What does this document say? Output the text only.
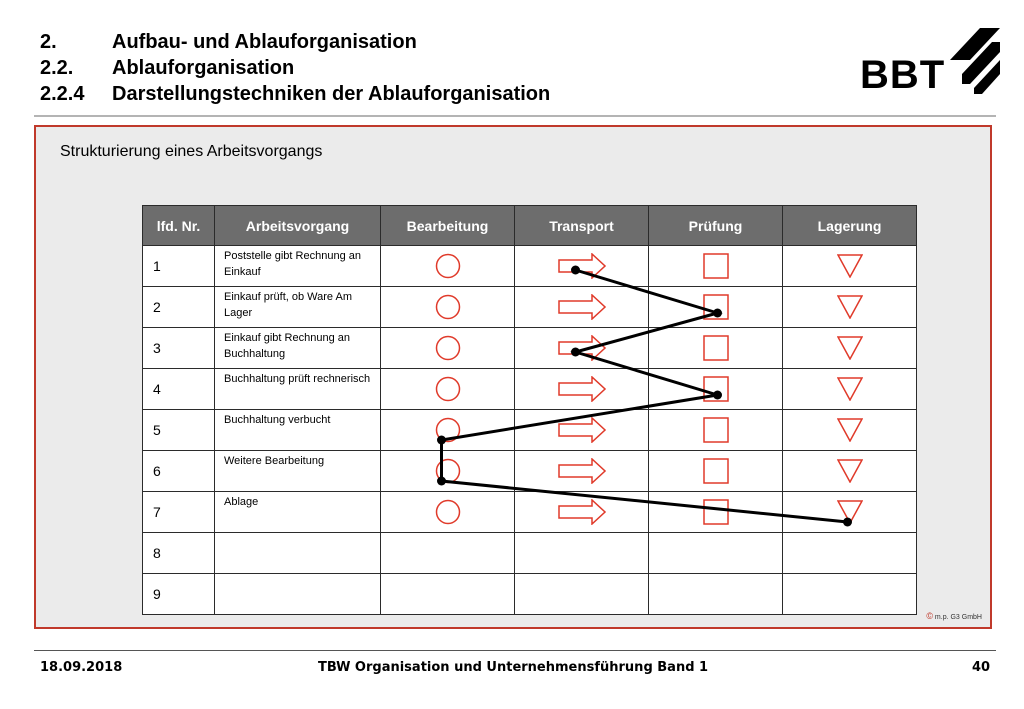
2.	Aufbau- und Ablauforganisation
2.2.	Ablauforganisation
2.2.4	Darstellungstechniken der Ablauforganisation	BBT
Strukturierung eines Arbeitsvorgangs
lfd. Nr.	Arbeitsvorgang	Bearbeitung	Transport	Prüfung	Lagerung
1	Poststelle gibt Rechnung an Einkauf	

2	Einkauf prüft, ob Ware Am Lager	

3	Einkauf gibt Rechnung an Buchhaltung	

4	Buchhaltung prüft rechnerisch	

5	Buchhaltung verbucht	

6	Weitere Bearbeitung	

7	Ablage	

8					
9					
© m.p. G3 GmbH
18.09.2018	TBW Organisation und Unternehmensführung Band 1	40
